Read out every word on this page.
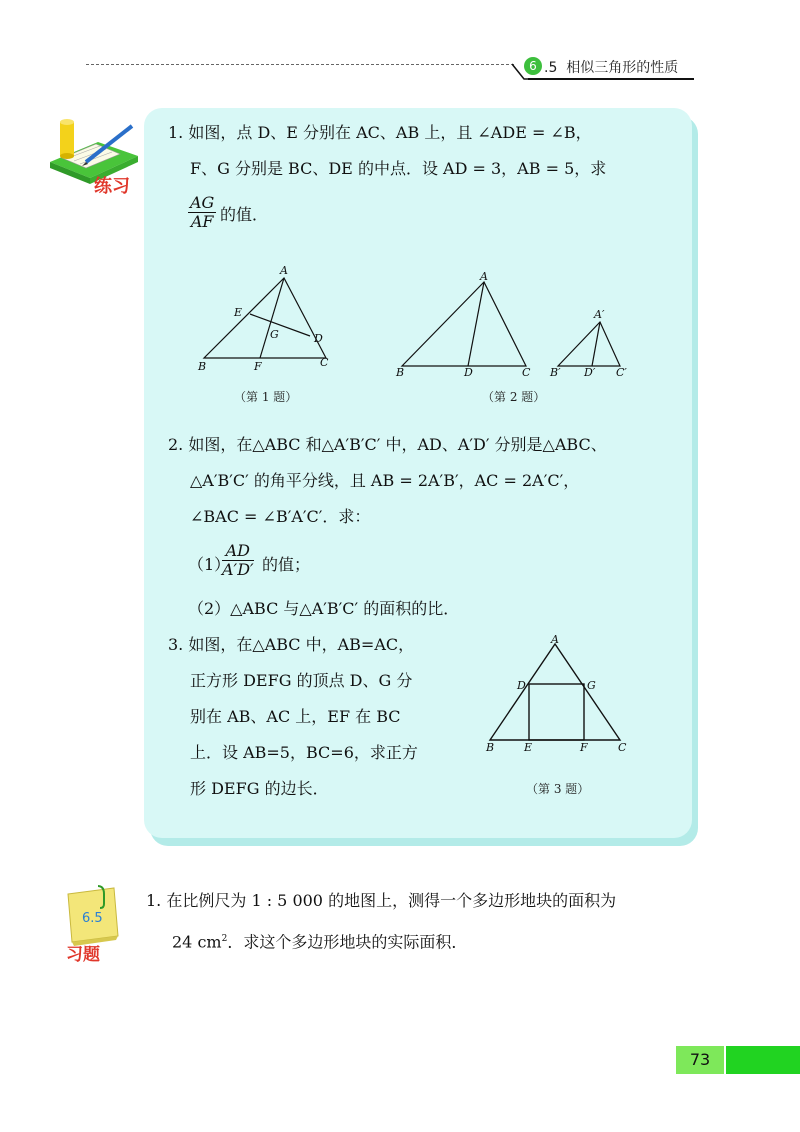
6 .5 相似三角形的性质
练习
1. 如图，点 D、E 分别在 AC、AB 上，且 ∠ADE = ∠B，
F、G 分别是 BC、DE 的中点．设 AD = 3，AB = 5，求
$\frac{AG}{AF}$ 的值．
A
E
G	D
B	F	C
（第 1 题）
A
B	D	C
A′
B′ D′ C′
（第 2 题）
2. 如图，在△ABC 和△A′B′C′ 中，AD、A′D′ 分别是△ABC、
△A′B′C′ 的角平分线，且 AB = 2A′B′，AC = 2A′C′，
∠BAC = ∠B′A′C′．求：
（1）
$\frac{AD}{A'D'}$ 的值；
（2）△ABC 与△A′B′C′ 的面积的比．
3. 如图，在△ABC 中，AB=AC，
正方形 DEFG 的顶点 D、G 分
别在 AB、AC 上，EF 在 BC
上．设 AB=5，BC=6，求正方
形 DEFG 的边长．
A
D	G
B	E	F	C
（第 3 题）
6.5
习题
1. 在比例尺为 1 : 5 000 的地图上，测得一个多边形地块的面积为
24 $cm^2$．求这个多边形地块的实际面积．
73
